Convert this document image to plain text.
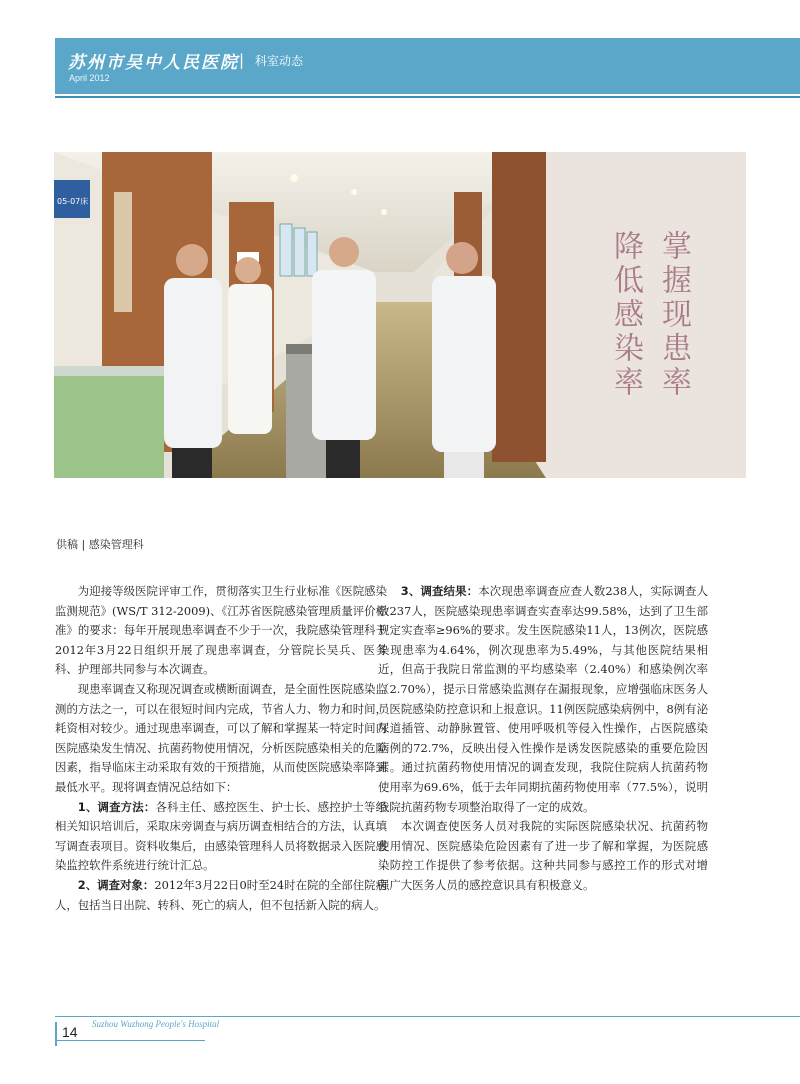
苏州市吴中人民医院 | 科室动态
April 2012
05-07床
掌握现患率
降低感染率
供稿 | 感染管理科

为迎接等级医院评审工作，贯彻落实卫生行业标准《医院感染监测规范》(WS/T 312-2009)、《江苏省医院感染管理质量评价标准》的要求：每年开展现患率调查不少于一次，我院感染管理科于2012年3月22日组织开展了现患率调查，分管院长吴兵、医务科、护理部共同参与本次调查。

现患率调查又称现况调查或横断面调查，是全面性医院感染监测的方法之一，可以在很短时间内完成，节省人力、物力和时间，耗资相对较少。通过现患率调查，可以了解和掌握某一特定时间内医院感染发生情况、抗菌药物使用情况，分析医院感染相关的危险因素，指导临床主动采取有效的干预措施，从而使医院感染率降到最低水平。现将调查情况总结如下：

1、调查方法：各科主任、感控医生、护士长、感控护士等经相关知识培训后，采取床旁调查与病历调查相结合的方法，认真填写调查表项目。资料收集后，由感染管理科人员将数据录入医院感染监控软件系统进行统计汇总。

2、调查对象：2012年3月22日0时至24时在院的全部住院病人，包括当日出院、转科、死亡的病人，但不包括新入院的病人。

3、调查结果：本次现患率调查应查人数238人，实际调查人数237人，医院感染现患率调查实查率达99.58%，达到了卫生部规定实查率≥96%的要求。发生医院感染11人，13例次，医院感染现患率为4.64%，例次现患率为5.49%，与其他医院结果相近，但高于我院日常监测的平均感染率（2.40%）和感染例次率（2.70%），提示日常感染监测存在漏报现象，应增强临床医务人员医院感染防控意识和上报意识。11例医院感染病例中，8例有泌尿道插管、动静脉置管、使用呼吸机等侵入性操作，占医院感染病例的72.7%，反映出侵入性操作是诱发医院感染的重要危险因素。通过抗菌药物使用情况的调查发现，我院住院病人抗菌药物使用率为69.6%，低于去年同期抗菌药物使用率（77.5%），说明我院抗菌药物专项整治取得了一定的成效。

本次调查使医务人员对我院的实际医院感染状况、抗菌药物使用情况、医院感染危险因素有了进一步了解和掌握，为医院感染防控工作提供了参考依据。这种共同参与感控工作的形式对增强广大医务人员的感控意识具有积极意义。

14 Suzhou Wuzhong People's Hospital
